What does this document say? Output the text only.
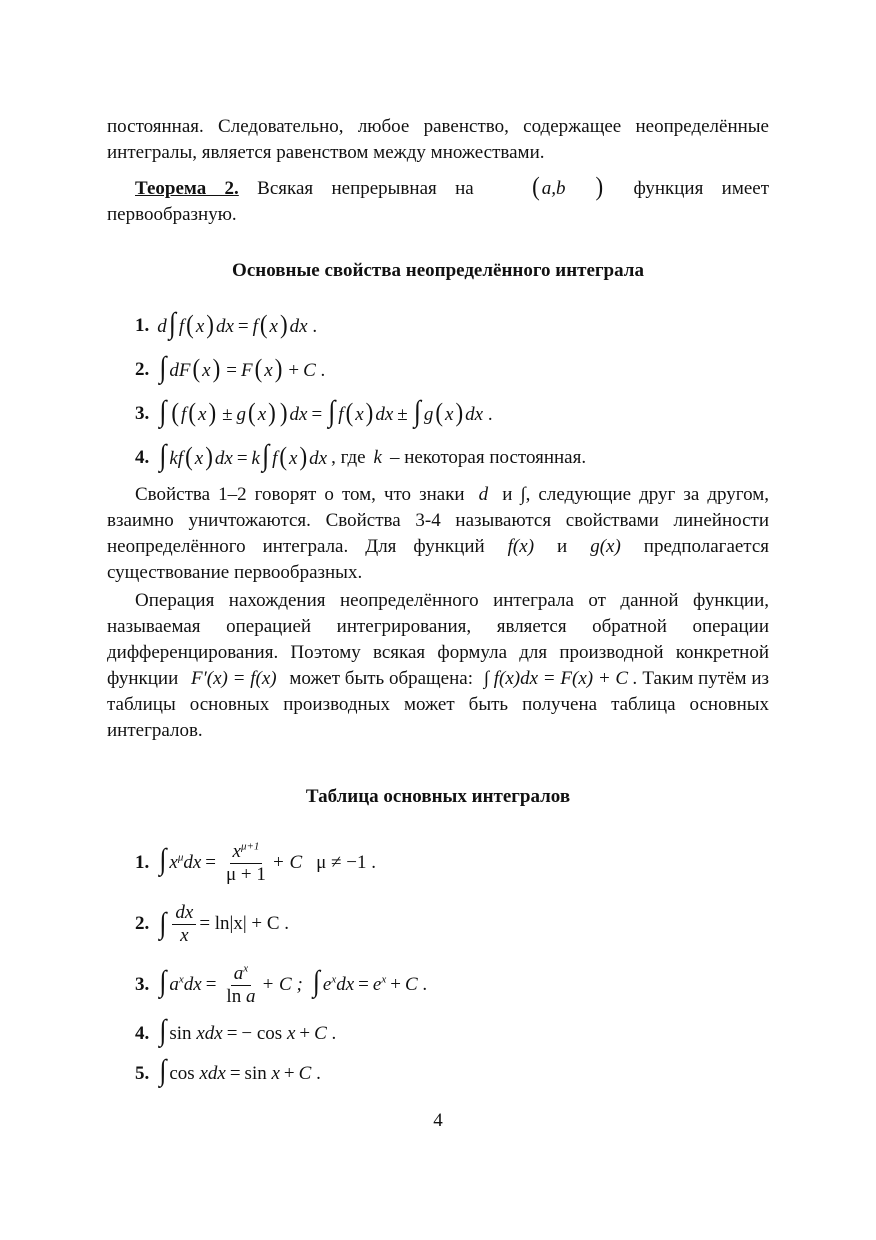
постоянная. Следовательно, любое равенство, содержащее неопределённые интегралы, является равенством между множествами.

Теорема 2. Всякая непрерывная на	( a,b ) функция имеет первообразную.

Основные свойства неопределённого интеграла

1. d∫ f( x) dx = f( x) dx .
2. ∫ dF( x) = F( x) + C .
3. ∫ ( f( x) ± g( x) ) dx = ∫ f( x) dx ± ∫ g( x) dx .
4. ∫ kf( x) dx = k∫ f( x) dx , где k – некоторая постоянная.

Свойства 1–2 говорят о том, что знаки d и ∫, следующие друг за другом, взаимно уничтожаются. Свойства 3-4 называются свойствами линейности неопределённого интеграла. Для функций f(x) и g(x) предполагается существование первообразных.

Операция нахождения неопределённого интеграла от данной функции, называемая операцией интегрирования, является обратной операции дифференцирования. Поэтому всякая формула для производной конкретной функции F′(x) = f(x) может быть обращена: ∫ f(x)dx = F(x) + C . Таким путём из таблицы основных производных может быть получена таблица основных интегралов.

Таблица основных интегралов

1. ∫ $x^\mu dx = \frac{x^{\mu+1}}{\mu + 1} + C$ μ ≠ −1 .
2. ∫ $\frac{dx}{x} = \ln|x| + C$ .
3. ∫ $a^xdx = \frac{a^x}{\text{ln a}} + C$ ; ∫ $e^xdx = e^x + C$ .
4. ∫ sin xdx = − cos x + C .
5. ∫ cos xdx = sin x + C .
4
